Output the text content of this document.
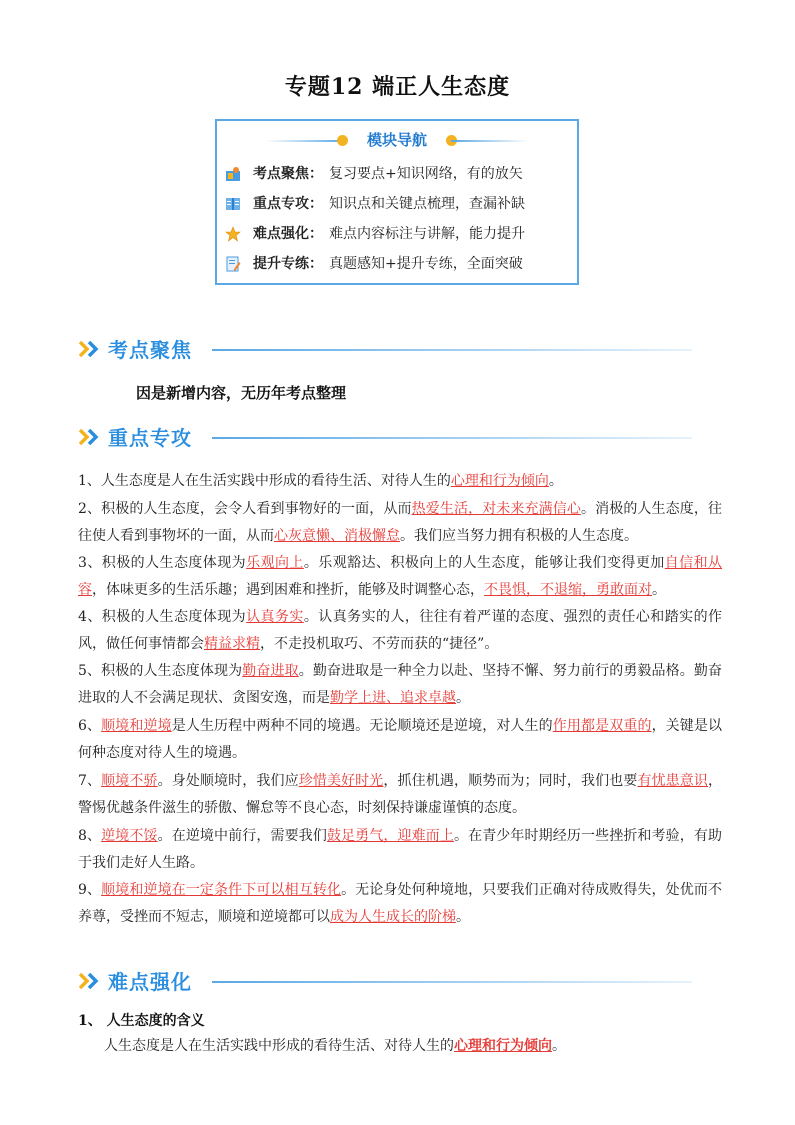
专题12 端正人生态度
模块导航
考点聚焦： 复习要点+知识网络，有的放矢
重点专攻： 知识点和关键点梳理，查漏补缺
难点强化： 难点内容标注与讲解，能力提升
提升专练： 真题感知+提升专练，全面突破
考点聚焦
因是新增内容，无历年考点整理
重点专攻
1、人生态度是人在生活实践中形成的看待生活、对待人生的心理和行为倾向。
2、积极的人生态度，会令人看到事物好的一面，从而热爱生活，对未来充满信心。消极的人生态度，往往使人看到事物坏的一面，从而心灰意懒、消极懈怠。我们应当努力拥有积极的人生态度。
3、积极的人生态度体现为乐观向上。乐观豁达、积极向上的人生态度，能够让我们变得更加自信和从容，体味更多的生活乐趣；遇到困难和挫折，能够及时调整心态，不畏惧，不退缩，勇敢面对。
4、积极的人生态度体现为认真务实。认真务实的人，往往有着严谨的态度、强烈的责任心和踏实的作风，做任何事情都会精益求精，不走投机取巧、不劳而获的“捷径”。
5、积极的人生态度体现为勤奋进取。勤奋进取是一种全力以赴、坚持不懈、努力前行的勇毅品格。勤奋进取的人不会满足现状、贪图安逸，而是勤学上进、追求卓越。
6、顺境和逆境是人生历程中两种不同的境遇。无论顺境还是逆境，对人生的作用都是双重的，关键是以何种态度对待人生的境遇。
7、顺境不骄。身处顺境时，我们应珍惜美好时光，抓住机遇，顺势而为；同时，我们也要有忧患意识，警惕优越条件滋生的骄傲、懈怠等不良心态，时刻保持谦虚谨慎的态度。
8、逆境不馁。在逆境中前行，需要我们鼓足勇气，迎难而上。在青少年时期经历一些挫折和考验，有助于我们走好人生路。
9、顺境和逆境在一定条件下可以相互转化。无论身处何种境地，只要我们正确对待成败得失，处优而不养尊，受挫而不短志，顺境和逆境都可以成为人生成长的阶梯。
难点强化
1、 人生态度的含义
人生态度是人在生活实践中形成的看待生活、对待人生的心理和行为倾向。
